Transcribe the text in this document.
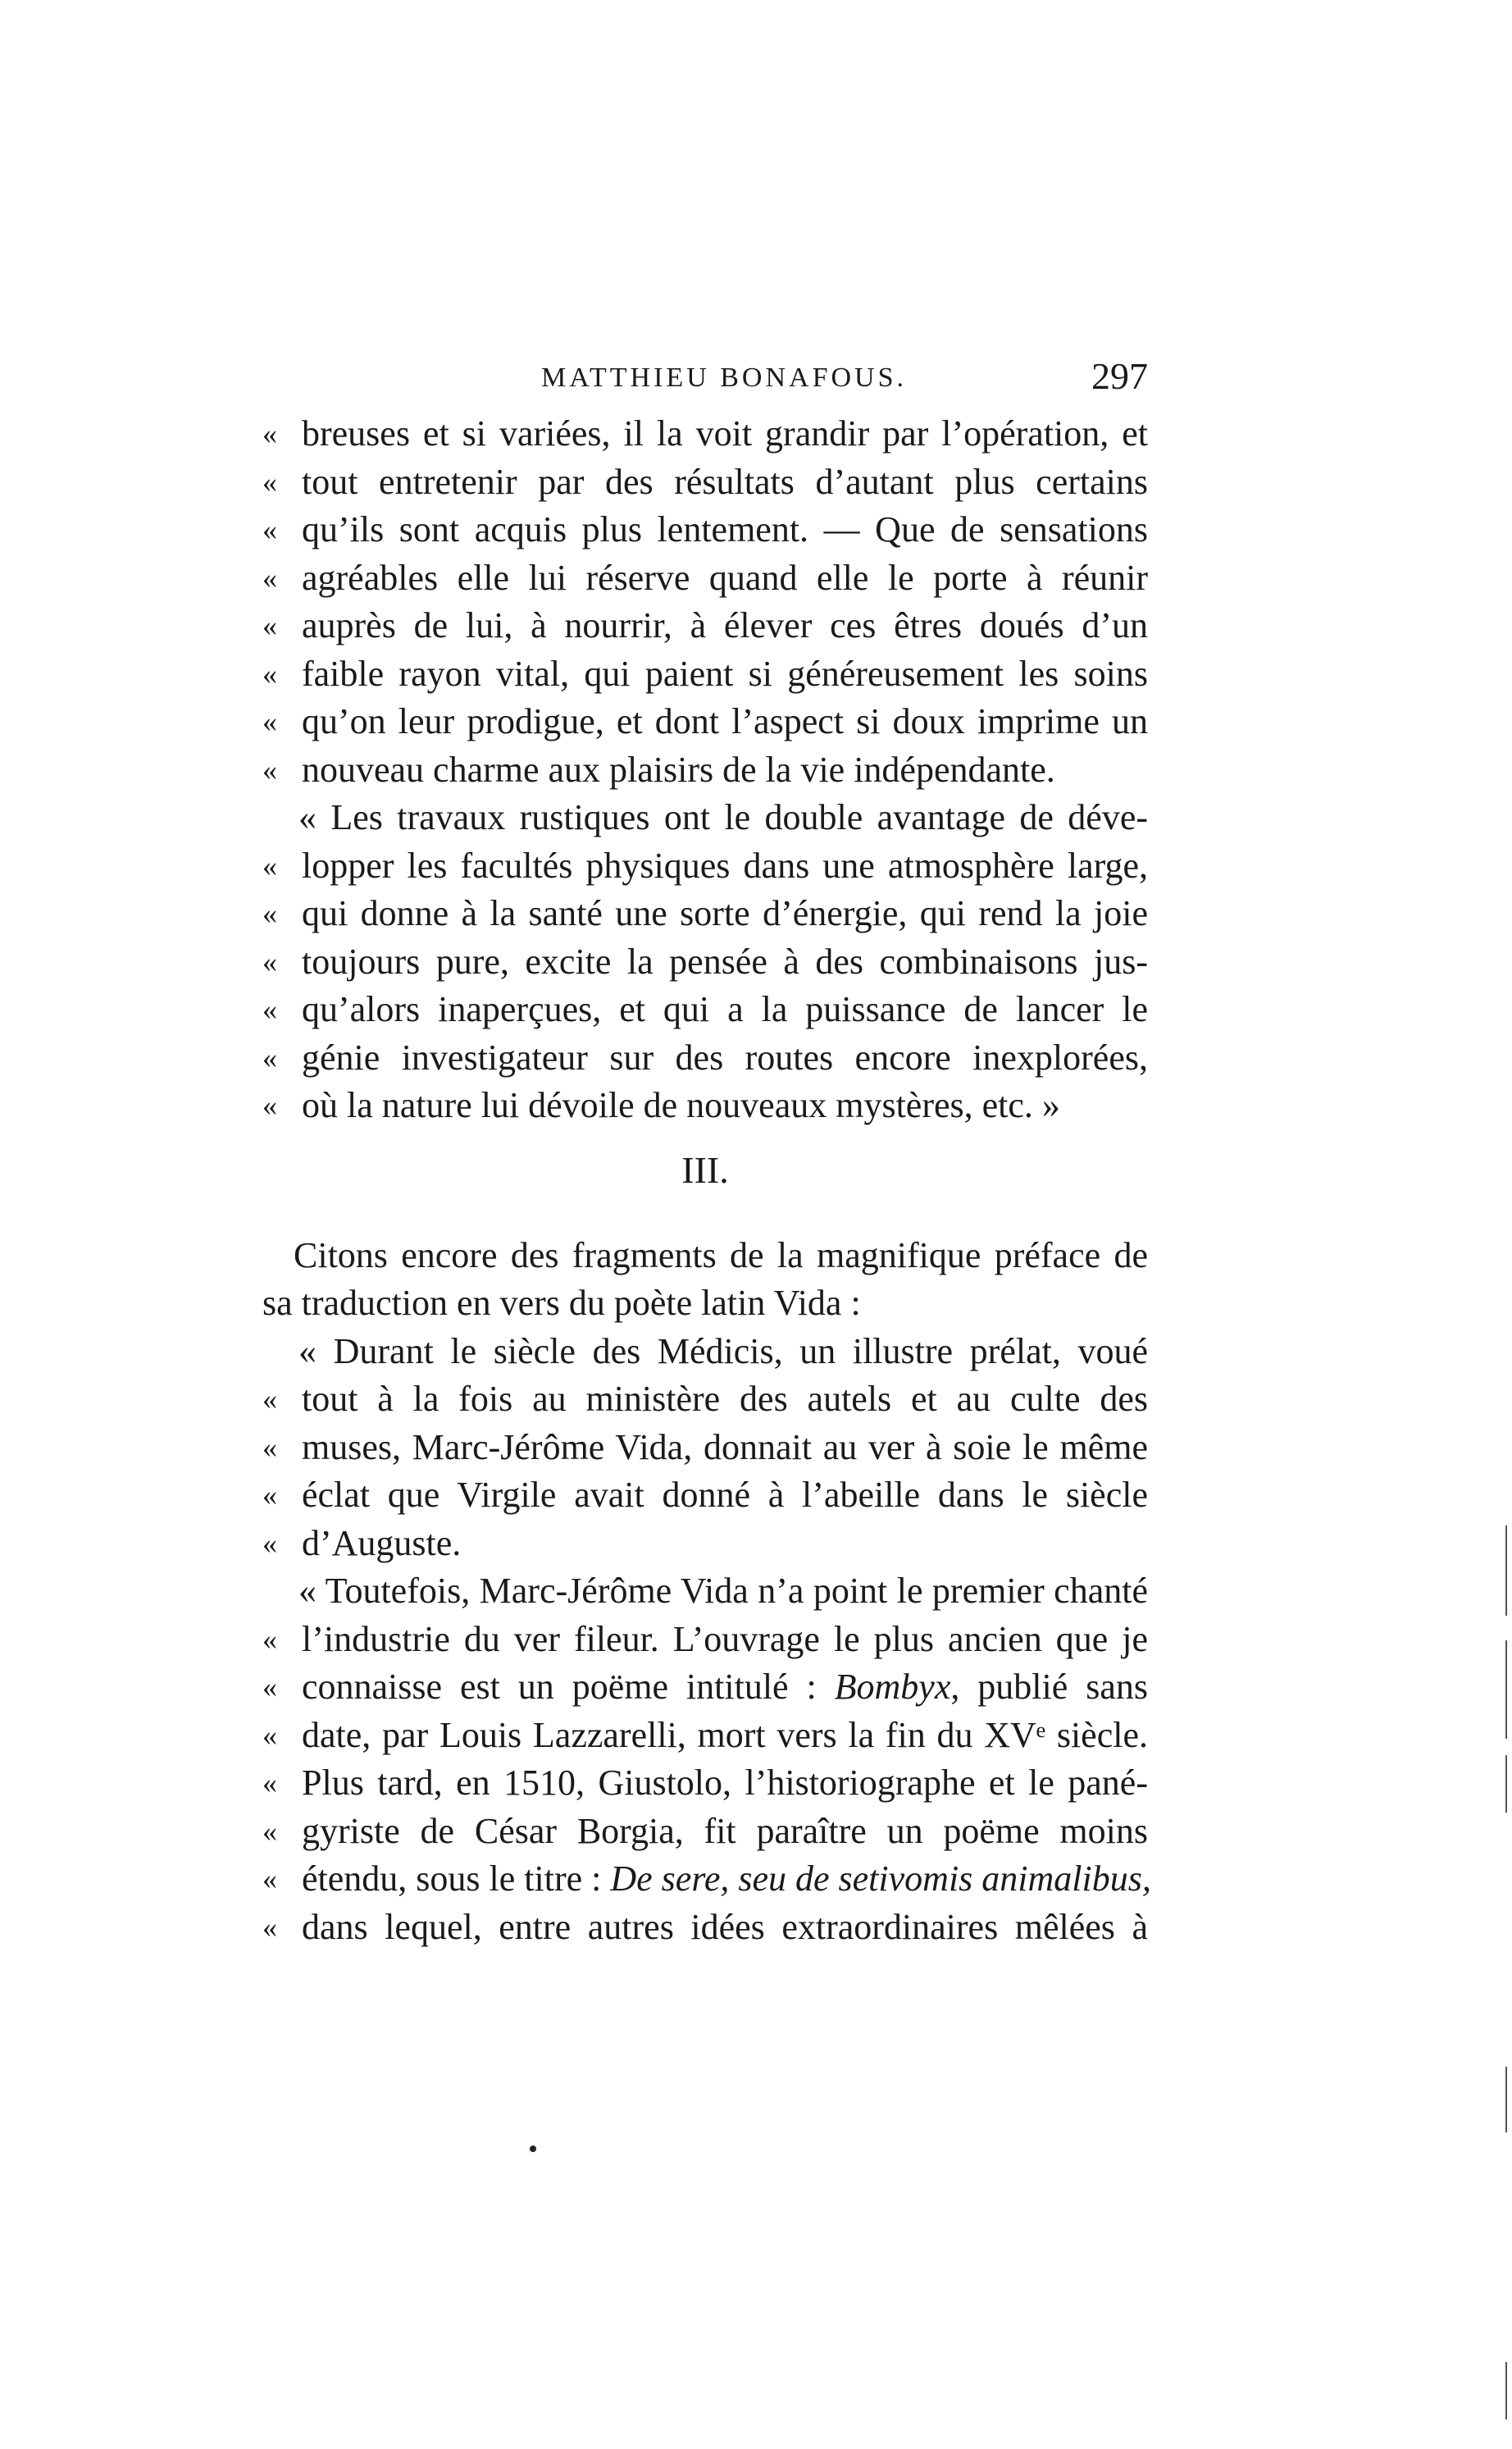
MATTHIEU BONAFOUS.	297
« breuses et si variées, il la voit grandir par l’opération, et
« tout entretenir par des résultats d’autant plus certains
« qu’ils sont acquis plus lentement. — Que de sensations
« agréables elle lui réserve quand elle le porte à réunir
« auprès de lui, à nourrir, à élever ces êtres doués d’un
« faible rayon vital, qui paient si généreusement les soins
« qu’on leur prodigue, et dont l’aspect si doux imprime un
« nouveau charme aux plaisirs de la vie indépendante.
« Les travaux rustiques ont le double avantage de déve-
« lopper les facultés physiques dans une atmosphère large,
« qui donne à la santé une sorte d’énergie, qui rend la joie
« toujours pure, excite la pensée à des combinaisons jus-
« qu’alors inaperçues, et qui a la puissance de lancer le
« génie investigateur sur des routes encore inexplorées,
« où la nature lui dévoile de nouveaux mystères, etc. »
III.
Citons encore des fragments de la magnifique préface de
sa traduction en vers du poète latin Vida :
« Durant le siècle des Médicis, un illustre prélat, voué
« tout à la fois au ministère des autels et au culte des
« muses, Marc-Jérôme Vida, donnait au ver à soie le même
« éclat que Virgile avait donné à l’abeille dans le siècle
« d’Auguste.
« Toutefois, Marc-Jérôme Vida n’a point le premier chanté
« l’industrie du ver fileur. L’ouvrage le plus ancien que je
« connaisse est un poëme intitulé : Bombyx, publié sans
« date, par Louis Lazzarelli, mort vers la fin du XVᵉ siècle.
« Plus tard, en 1510, Giustolo, l’historiographe et le pané-
« gyriste de César Borgia, fit paraître un poëme moins
« étendu, sous le titre : De sere, seu de setivomis animalibus,
« dans lequel, entre autres idées extraordinaires mêlées à
